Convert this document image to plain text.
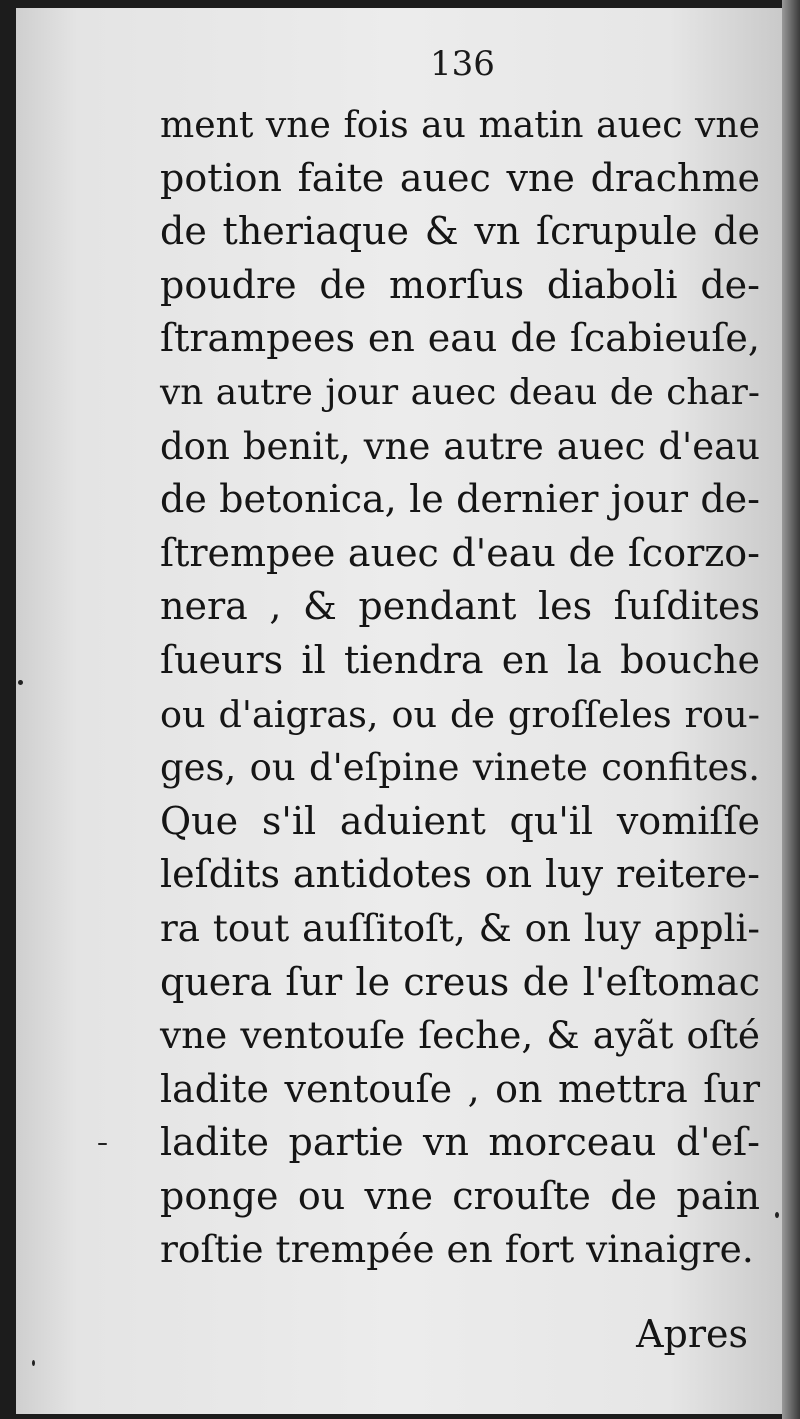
136
ment vne fois au matin auec vne
potion faite auec vne drachme
de theriaque & vn ſcrupule de
poudre de morſus diaboli de-
ſtrampees en eau de ſcabieuſe,
vn autre jour auec deau de char-
don benit, vne autre auec d'eau
de betonica, le dernier jour de-
ſtrempee auec d'eau de ſcorzo-
nera , & pendant les ſuſdites
ſueurs il tiendra en la bouche
ou d'aigras, ou de groſſeles rou-
ges, ou d'eſpine vinete confites.
Que s'il aduient qu'il vomiſſe
leſdits antidotes on luy reitere-
ra tout auſſitoſt, & on luy appli-
quera ſur le creus de l'eſtomac
vne ventouſe ſeche, & ayãt oſté
ladite ventouſe , on mettra ſur
ladite partie vn morceau d'eſ-
ponge ou vne crouſte de pain
roſtie trempée en fort vinaigre.
Apres
